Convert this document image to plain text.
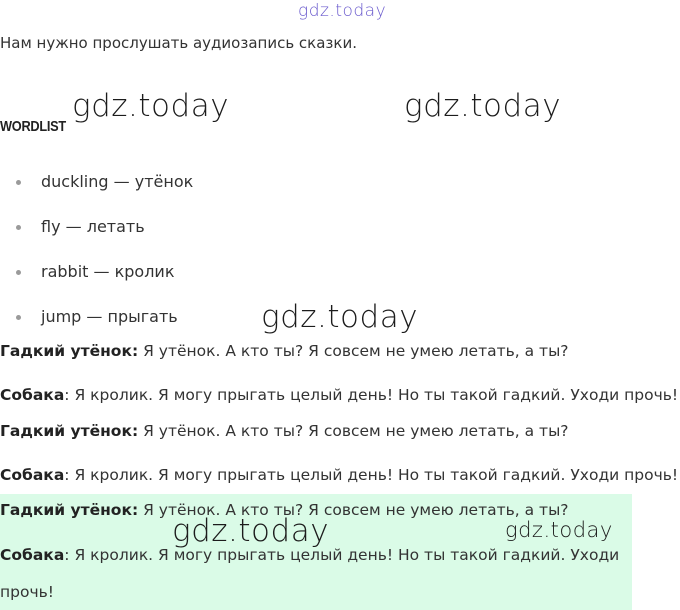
gdz.today
Нам нужно прослушать аудиозапись сказки.
WORDLIST
duckling — утёнок
fly — летать
rabbit — кролик
jump — прыгать
Гадкий утёнок: Я утёнок. А кто ты? Я совсем не умею летать, а ты?
Собака: Я кролик. Я могу прыгать целый день! Но ты такой гадкий. Уходи прочь!
Гадкий утёнок: Я утёнок. А кто ты? Я совсем не умею летать, а ты?
Собака: Я кролик. Я могу прыгать целый день! Но ты такой гадкий. Уходи прочь!
Гадкий утёнок: Я утёнок. А кто ты? Я совсем не умею летать, а ты?
Собака: Я кролик. Я могу прыгать целый день! Но ты такой гадкий. Уходи
прочь!
gdz.today	gdz.today
gdz.today
gdz.today	gdz.today
